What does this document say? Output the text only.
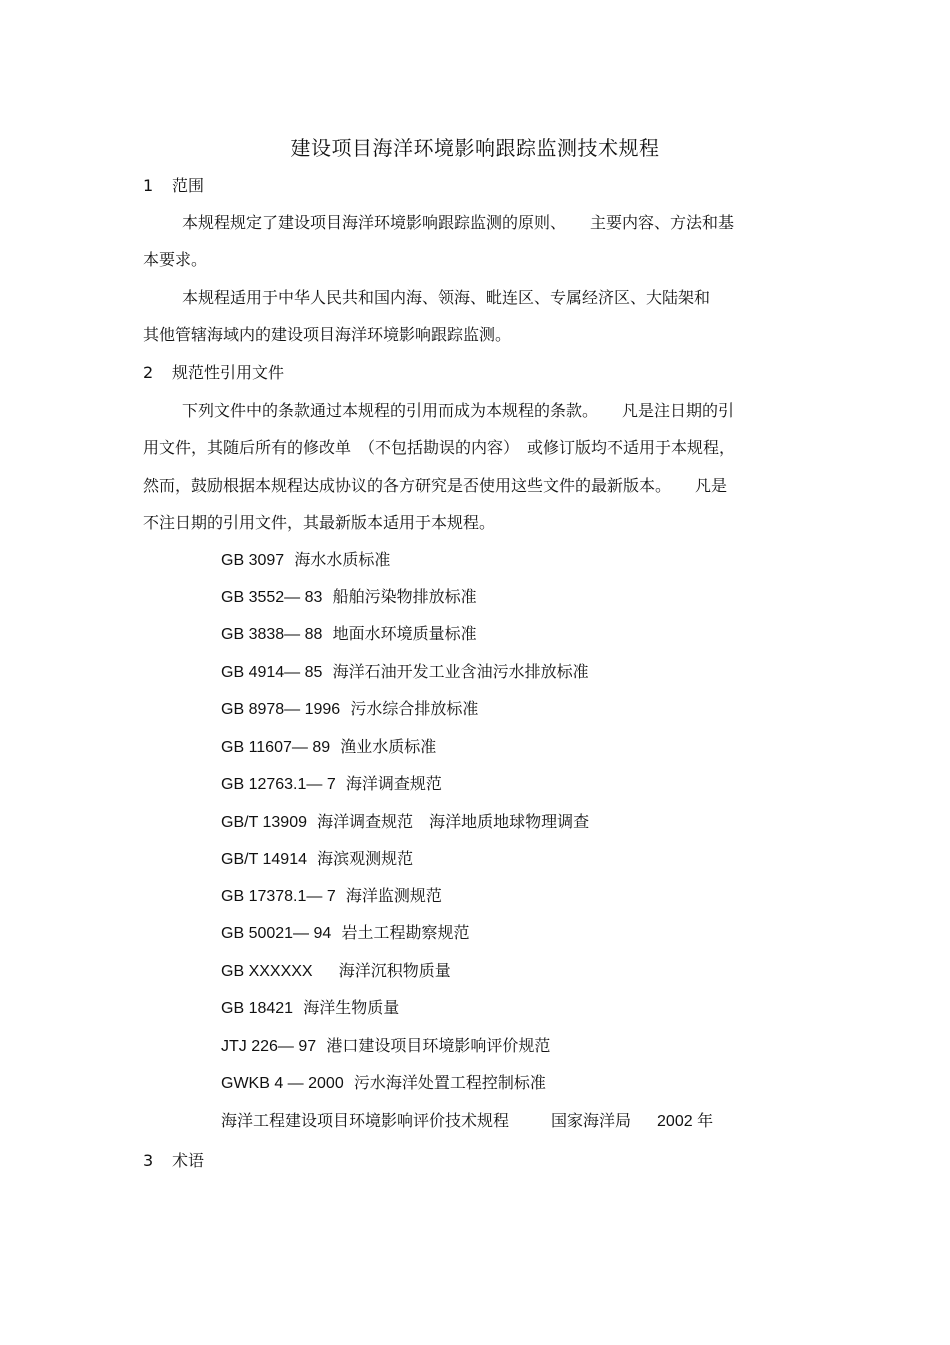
建设项目海洋环境影响跟踪监测技术规程
1 范围
本规程规定了建设项目海洋环境影响跟踪监测的原则、　　主要内容、方法和基
本要求。
本规程适用于中华人民共和国内海、领海、毗连区、专属经济区、大陆架和
其他管辖海域内的建设项目海洋环境影响跟踪监测。
2 规范性引用文件
下列文件中的条款通过本规程的引用而成为本规程的条款。　　凡是注日期的引
用文件，其随后所有的修改单　（不包括勘误的内容）　或修订版均不适用于本规程，
然而，鼓励根据本规程达成协议的各方研究是否使用这些文件的最新版本。　　凡是
不注日期的引用文件，其最新版本适用于本规程。
GB 3097 海水水质标准
GB 3552— 83 船舶污染物排放标准
GB 3838— 88 地面水环境质量标准
GB 4914— 85 海洋石油开发工业含油污水排放标准
GB 8978— 1996 污水综合排放标准
GB 11607— 89 渔业水质标准
GB 12763.1— 7 海洋调查规范
GB/T 13909 海洋调查规范　海洋地质地球物理调查
GB/T 14914 海滨观测规范
GB 17378.1— 7 海洋监测规范
GB 50021— 94 岩土工程勘察规范
GB XXXXXX  　海洋沉积物质量
GB 18421 海洋生物质量
JTJ 226— 97 港口建设项目环境影响评价规范
GWKB 4 — 2000 污水海洋处置工程控制标准
海洋工程建设项目环境影响评价技术规程	国家海洋局 2002 年
3 术语
